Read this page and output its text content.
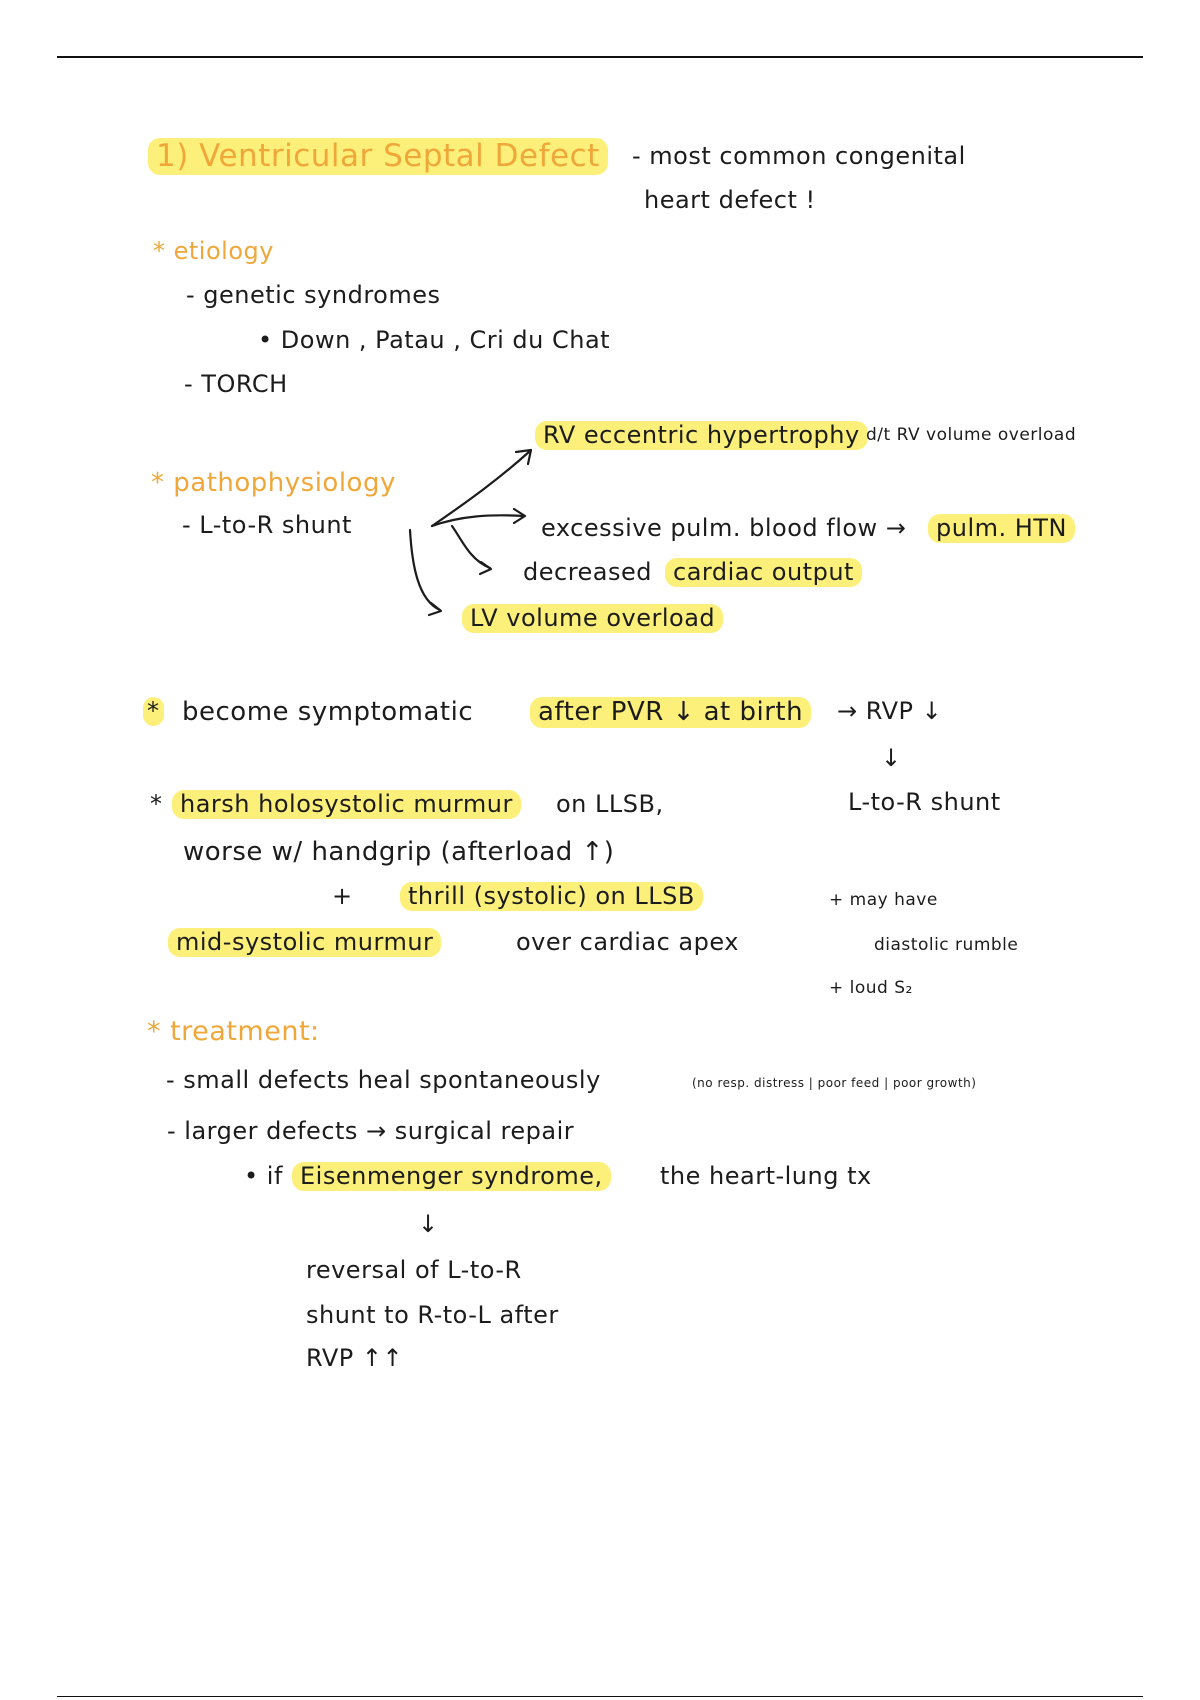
1) Ventricular Septal Defect	- most common congenital
heart defect !
* etiology
- genetic syndromes
• Down , Patau , Cri du Chat
- TORCH
* pathophysiology
- L-to-R shunt
RV eccentric hypertrophy d/t RV volume overload
excessive pulm. blood flow →	pulm. HTN
decreased cardiac output
LV volume overload
* become symptomatic	after PVR ↓ at birth	→ RVP ↓
↓
L-to-R shunt
* harsh holosystolic murmur	on LLSB,
worse w/ handgrip (afterload ↑)
+	thrill (systolic) on LLSB
mid-systolic murmur	over cardiac apex
+ may have
diastolic rumble
+ loud S₂
* treatment:
- small defects heal spontaneously	(no resp. distress | poor feed | poor growth)
- larger defects → surgical repair
• if Eisenmenger syndrome,	the heart-lung tx
↓
reversal of L-to-R
shunt to R-to-L after
RVP ↑↑
